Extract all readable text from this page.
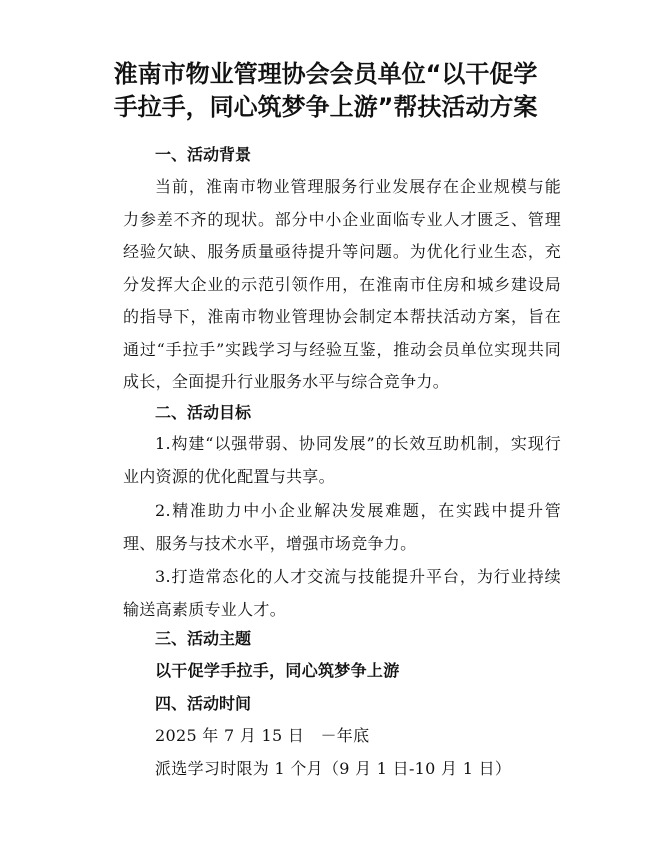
淮南市物业管理协会会员单位“以干促学
手拉手，同心筑梦争上游”帮扶活动方案
一、活动背景
当前，淮南市物业管理服务行业发展存在企业规模与能力参差不齐的现状。部分中小企业面临专业人才匮乏、管理经验欠缺、服务质量亟待提升等问题。为优化行业生态，充分发挥大企业的示范引领作用，在淮南市住房和城乡建设局的指导下，淮南市物业管理协会制定本帮扶活动方案，旨在通过“手拉手”实践学习与经验互鉴，推动会员单位实现共同成长，全面提升行业服务水平与综合竞争力。
二、活动目标
1.构建“以强带弱、协同发展”的长效互助机制，实现行业内资源的优化配置与共享。
2.精准助力中小企业解决发展难题，在实践中提升管理、服务与技术水平，增强市场竞争力。
3.打造常态化的人才交流与技能提升平台，为行业持续输送高素质专业人才。
三、活动主题
以干促学手拉手，同心筑梦争上游
四、活动时间
2025 年 7 月 15 日　－年底
派选学习时限为 1 个月（9 月 1 日-10 月 1 日）
